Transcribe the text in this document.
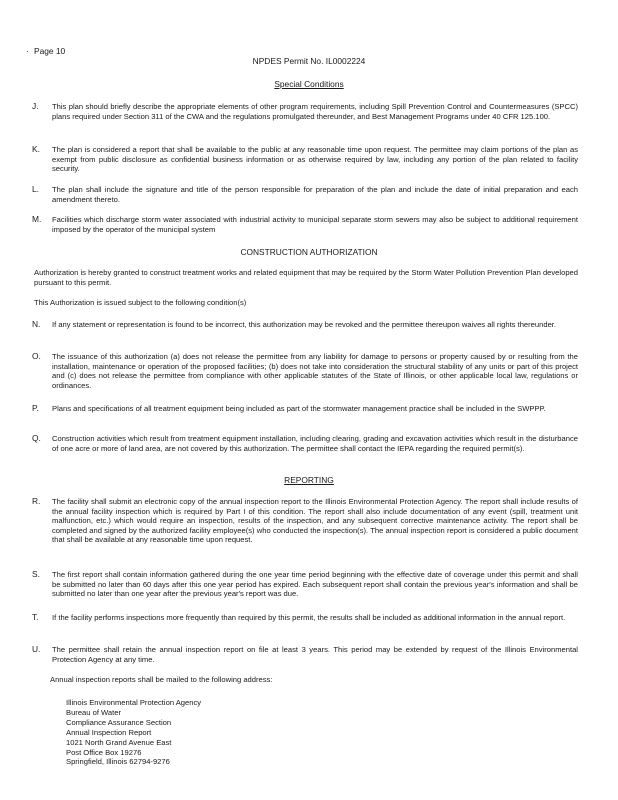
· Page 10
NPDES Permit No. IL0002224
Special Conditions
J.	This plan should briefly describe the appropriate elements of other program requirements, including Spill Prevention Control and Countermeasures (SPCC) plans required under Section 311 of the CWA and the regulations promulgated thereunder, and Best Management Programs under 40 CFR 125.100.
K.	The plan is considered a report that shall be available to the public at any reasonable time upon request. The permittee may claim portions of the plan as exempt from public disclosure as confidential business information or as otherwise required by law, including any portion of the plan related to facility security.
L.	The plan shall include the signature and title of the person responsible for preparation of the plan and include the date of initial preparation and each amendment thereto.
M.	Facilities which discharge storm water associated with industrial activity to municipal separate storm sewers may also be subject to additional requirement imposed by the operator of the municipal system
CONSTRUCTION AUTHORIZATION
Authorization is hereby granted to construct treatment works and related equipment that may be required by the Storm Water Pollution Prevention Plan developed pursuant to this permit.
This Authorization is issued subject to the following condition(s)
N.	If any statement or representation is found to be incorrect, this authorization may be revoked and the permittee thereupon waives all rights thereunder.
O.	The issuance of this authorization (a) does not release the permittee from any liability for damage to persons or property caused by or resulting from the installation, maintenance or operation of the proposed facilities; (b) does not take into consideration the structural stability of any units or part of this project and (c) does not release the permittee from compliance with other applicable statutes of the State of Illinois, or other applicable local law, regulations or ordinances.
P.	Plans and specifications of all treatment equipment being included as part of the stormwater management practice shall be included in the SWPPP.
Q.	Construction activities which result from treatment equipment installation, including clearing, grading and excavation activities which result in the disturbance of one acre or more of land area, are not covered by this authorization. The permittee shall contact the IEPA regarding the required permit(s).
REPORTING
R.	The facility shall submit an electronic copy of the annual inspection report to the Illinois Environmental Protection Agency. The report shall include results of the annual facility inspection which is required by Part I of this condition. The report shall also include documentation of any event (spill, treatment unit malfunction, etc.) which would require an inspection, results of the inspection, and any subsequent corrective maintenance activity. The report shall be completed and signed by the authorized facility employee(s) who conducted the inspection(s). The annual inspection report is considered a public document that shall be available at any reasonable time upon request.
S.	The first report shall contain information gathered during the one year time period beginning with the effective date of coverage under this permit and shall be submitted no later than 60 days after this one year period has expired. Each subsequent report shall contain the previous year's information and shall be submitted no later than one year after the previous year's report was due.
T.	If the facility performs inspections more frequently than required by this permit, the results shall be included as additional information in the annual report.
U.	The permittee shall retain the annual inspection report on file at least 3 years. This period may be extended by request of the Illinois Environmental Protection Agency at any time.
Annual inspection reports shall be mailed to the following address:
Illinois Environmental Protection Agency
Bureau of Water
Compliance Assurance Section
Annual Inspection Report
1021 North Grand Avenue East
Post Office Box 19276
Springfield, Illinois 62794-9276
